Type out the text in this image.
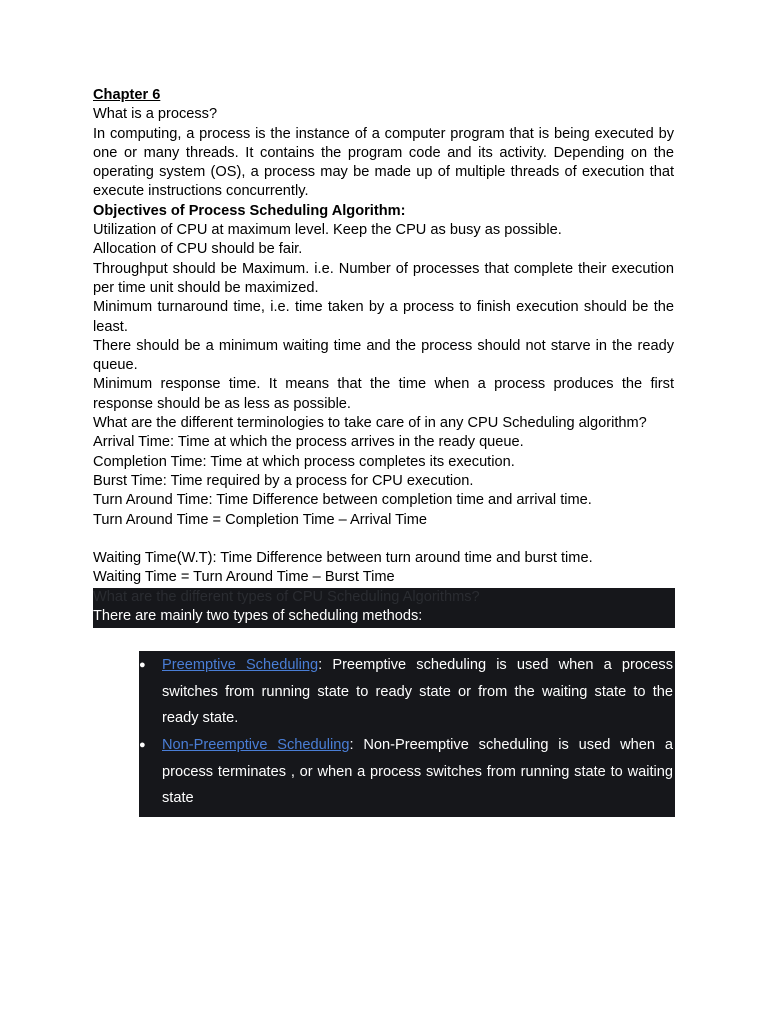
Chapter 6
What is a process?
In computing, a process is the instance of a computer program that is being executed by one or many threads. It contains the program code and its activity. Depending on the operating system (OS), a process may be made up of multiple threads of execution that execute instructions concurrently.
Objectives of Process Scheduling Algorithm:
Utilization of CPU at maximum level. Keep the CPU as busy as possible.
Allocation of CPU should be fair.
Throughput should be Maximum. i.e. Number of processes that complete their execution per time unit should be maximized.
Minimum turnaround time, i.e. time taken by a process to finish execution should be the least.
There should be a minimum waiting time and the process should not starve in the ready queue.
Minimum response time. It means that the time when a process produces the first response should be as less as possible.
What are the different terminologies to take care of in any CPU Scheduling algorithm?
Arrival Time: Time at which the process arrives in the ready queue.
Completion Time: Time at which process completes its execution.
Burst Time: Time required by a process for CPU execution.
Turn Around Time: Time Difference between completion time and arrival time.
Turn Around Time = Completion Time – Arrival Time
Waiting Time(W.T): Time Difference between turn around time and burst time.
Waiting Time = Turn Around Time – Burst Time
What are the different types of CPU Scheduling Algorithms?
There are mainly two types of scheduling methods:
●	Preemptive Scheduling: Preemptive scheduling is used when a process switches from running state to ready state or from the waiting state to the ready state.
●	Non-Preemptive Scheduling: Non-Preemptive scheduling is used when a process terminates , or when a process switches from running state to waiting state
